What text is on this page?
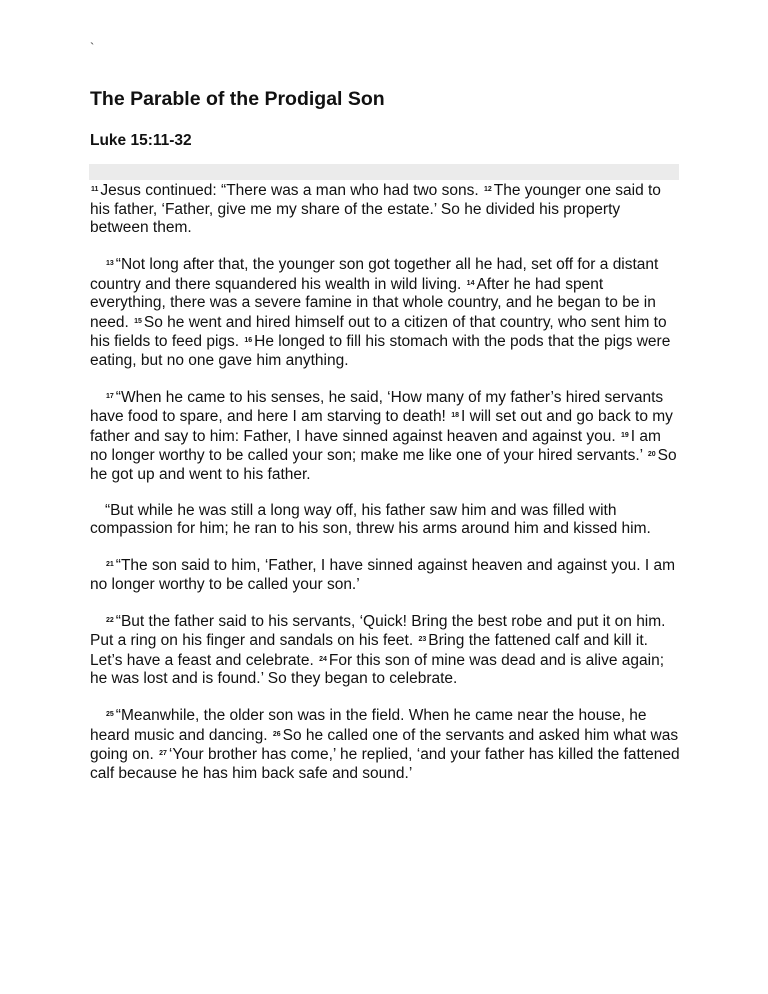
`
The Parable of the Prodigal Son
Luke 15:11-32

$^{11}$ Jesus continued: “There was a man who had two sons. $^{12}$ The younger one said to his father, ‘Father, give me my share of the estate.’ So he divided his property between them.

$^{13}$ “Not long after that, the younger son got together all he had, set off for a distant country and there squandered his wealth in wild living. $^{14}$ After he had spent everything, there was a severe famine in that whole country, and he began to be in need. $^{15}$ So he went and hired himself out to a citizen of that country, who sent him to his fields to feed pigs. $^{16}$ He longed to fill his stomach with the pods that the pigs were eating, but no one gave him anything.

$^{17}$ “When he came to his senses, he said, ‘How many of my father’s hired servants have food to spare, and here I am starving to death! $^{18}$ I will set out and go back to my father and say to him: Father, I have sinned against heaven and against you. $^{19}$ I am no longer worthy to be called your son; make me like one of your hired servants.’ $^{20}$ So he got up and went to his father.

“But while he was still a long way off, his father saw him and was filled with compassion for him; he ran to his son, threw his arms around him and kissed him.

$^{21}$ “The son said to him, ‘Father, I have sinned against heaven and against you. I am no longer worthy to be called your son.’

$^{22}$ “But the father said to his servants, ‘Quick! Bring the best robe and put it on him. Put a ring on his finger and sandals on his feet. $^{23}$ Bring the fattened calf and kill it. Let’s have a feast and celebrate. $^{24}$ For this son of mine was dead and is alive again; he was lost and is found.’ So they began to celebrate.

$^{25}$ “Meanwhile, the older son was in the field. When he came near the house, he heard music and dancing. $^{26}$ So he called one of the servants and asked him what was going on. $^{27}$ ‘Your brother has come,’ he replied, ‘and your father has killed the fattened calf because he has him back safe and sound.’
